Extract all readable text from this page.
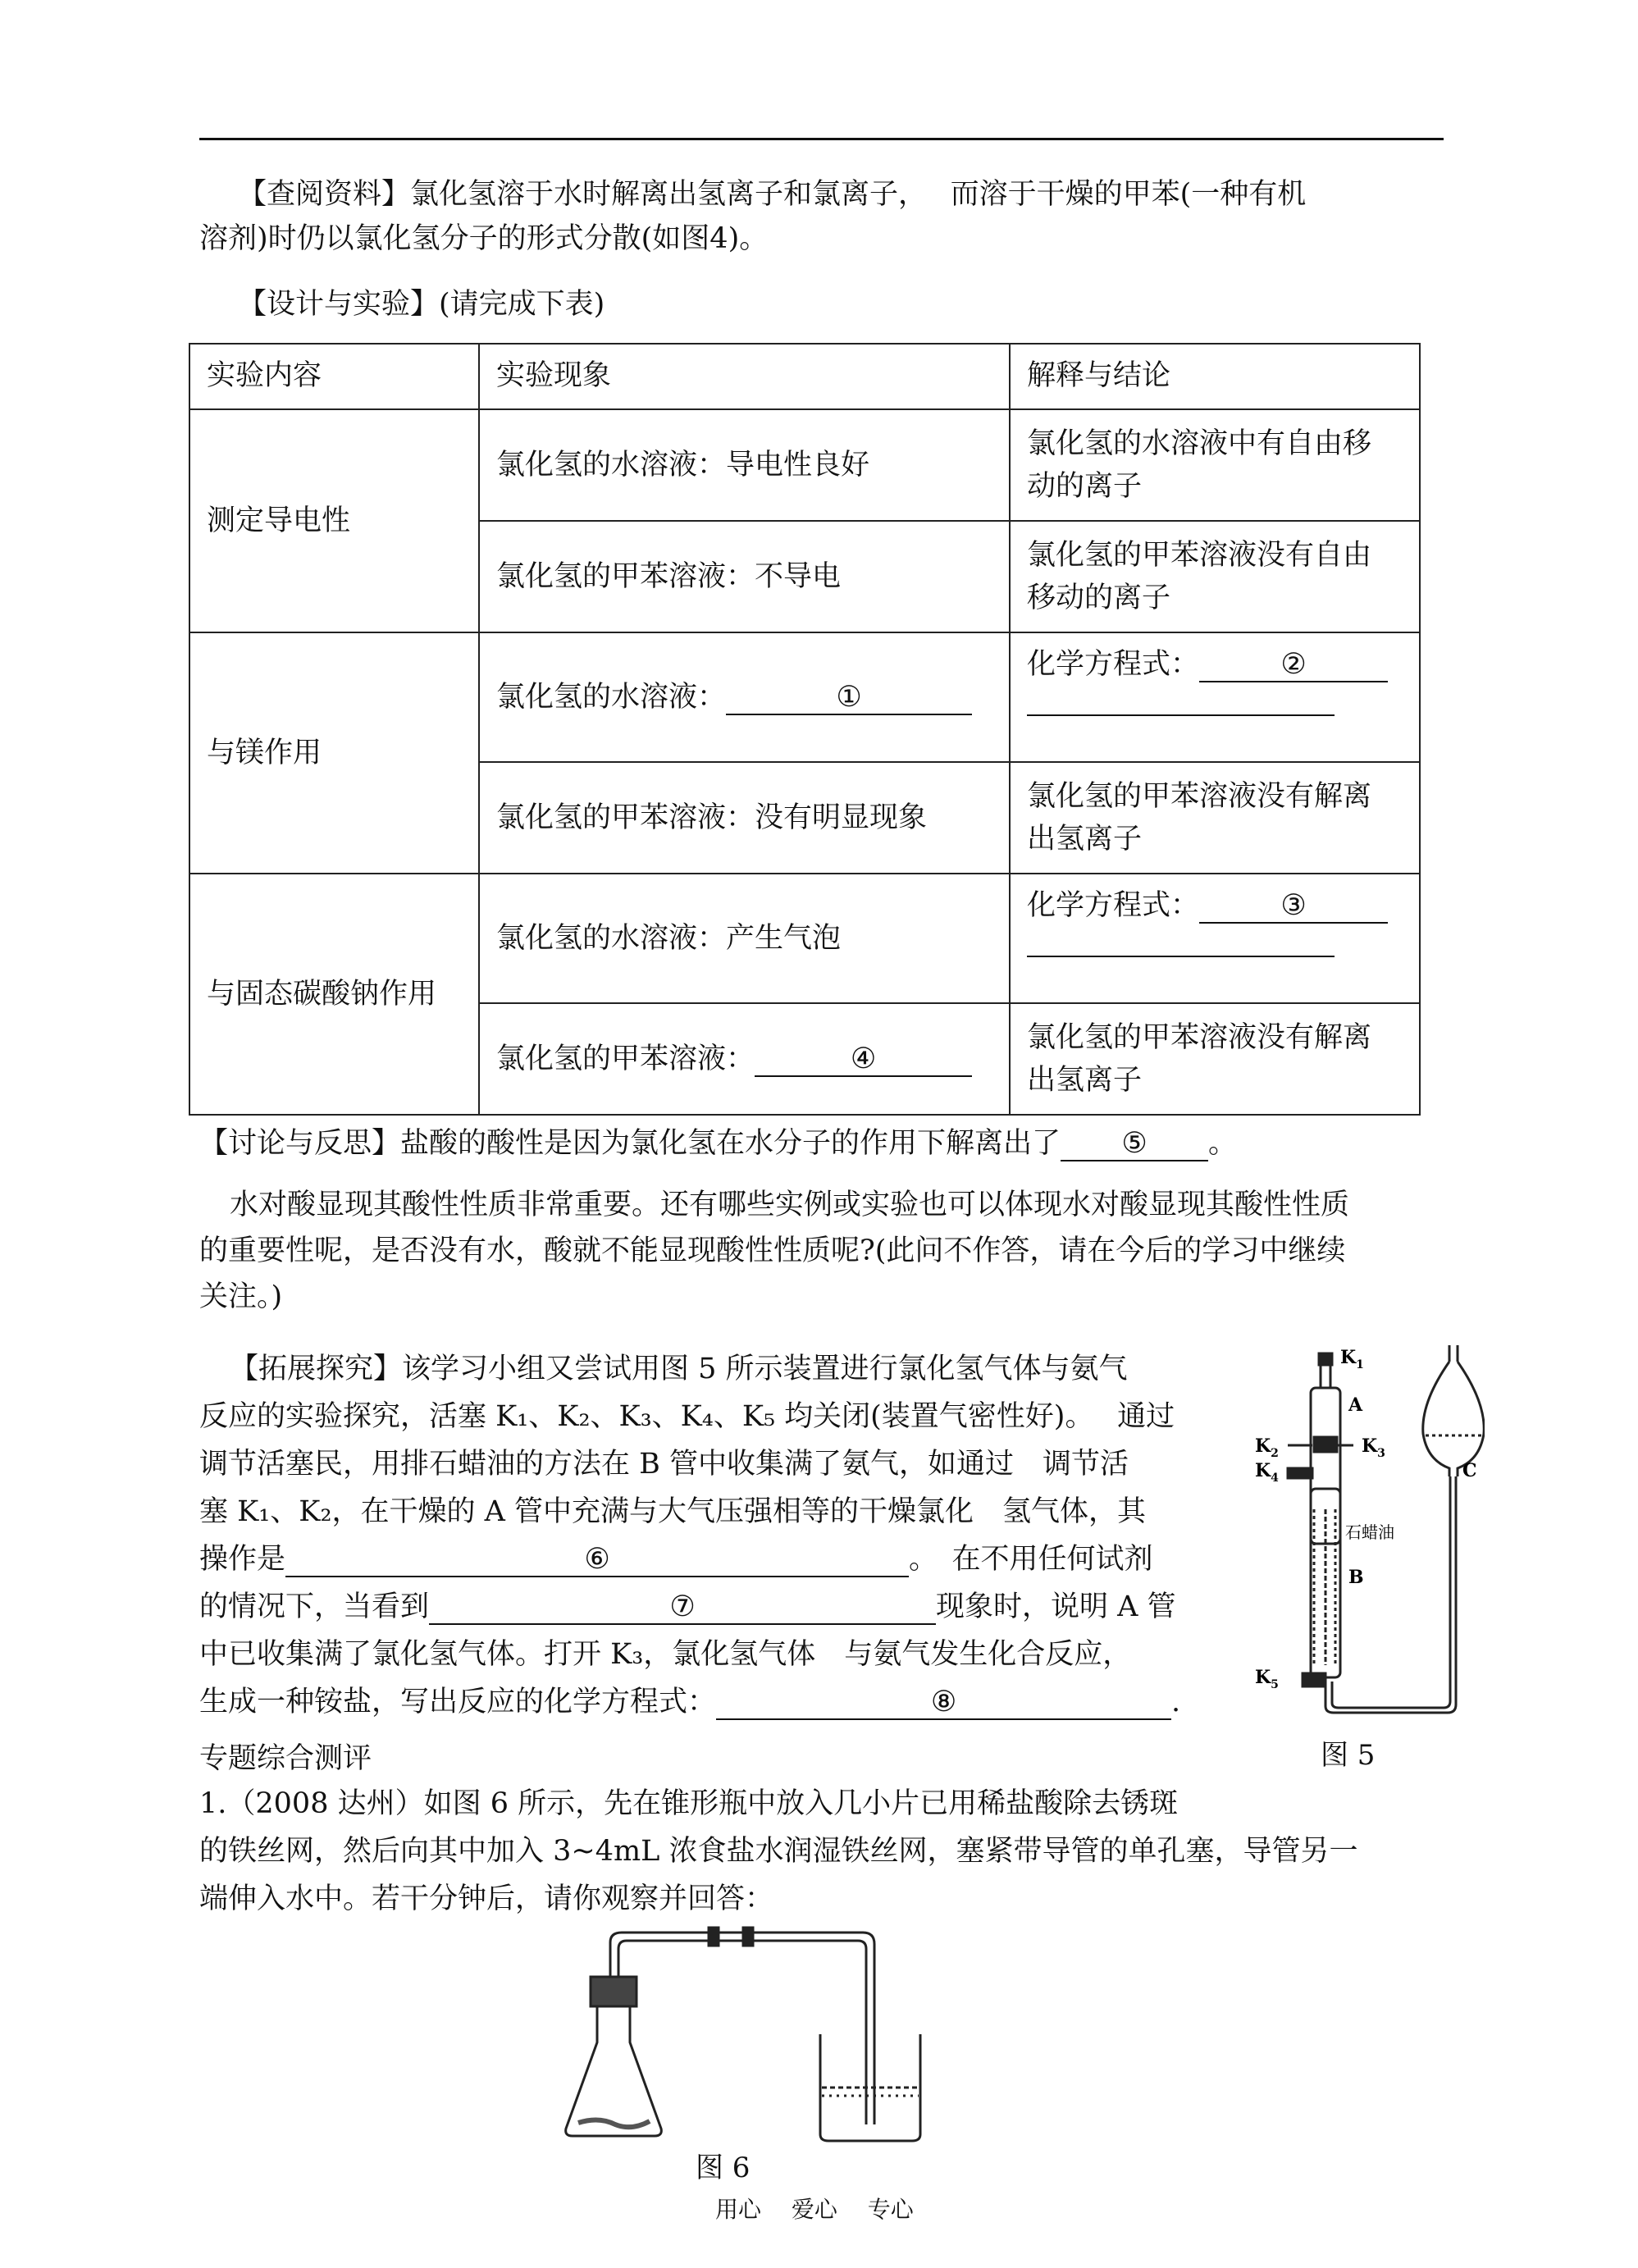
【查阅资料】氯化氢溶于水时解离出氢离子和氯离子，　 而溶于干燥的甲苯(一种有机
溶剂)时仍以氯化氢分子的形式分散(如图4)。
【设计与实验】(请完成下表)
实验内容	实验现象	解释与结论
测定导电性	氯化氢的水溶液：导电性良好	氯化氢的水溶液中有自由移
动的离子
	氯化氢的甲苯溶液：不导电	氯化氢的甲苯溶液没有自由
移动的离子
与镁作用	氯化氢的水溶液： ①	化学方程式： ②

	氯化氢的甲苯溶液：没有明显现象	氯化氢的甲苯溶液没有解离
出氢离子
与固态碳酸钠作用	氯化氢的水溶液：产生气泡	化学方程式： ③

	氯化氢的甲苯溶液： ④	氯化氢的甲苯溶液没有解离
出氢离子
【讨论与反思】盐酸的酸性是因为氯化氢在水分子的作用下解离出了 ⑤ 。
水对酸显现其酸性性质非常重要。还有哪些实例或实验也可以体现水对酸显现其酸性性质
的重要性呢，是否没有水，酸就不能显现酸性性质呢?(此问不作答，请在今后的学习中继续
关注。)
【拓展探究】该学习小组又尝试用图 5 所示装置进行氯化氢气体与氨气
反应的实验探究，活塞 K₁、K₂、K₃、K₄、K₅ 均关闭(装置气密性好)。　 通过
调节活塞民，用排石蜡油的方法在 B 管中收集满了氨气，如通过　调节活
塞 K₁、K₂，在干燥的 A 管中充满与大气压强相等的干燥氯化　氢气体，其
操作是	⑥	。　在不用任何试剂
的情况下，当看到	⑦	现象时，说明 A 管
中已收集满了氯化氢气体。打开 K₃，氯化氢气体　与氨气发生化合反应，
生成一种铵盐，写出反应的化学方程式：	⑧	.
$K_1$
A
$K_2$	$K_3$
$K_4$
石蜡油
B
$K_5$
C
图 5
专题综合测评
1.（2008 达州）如图 6 所示，先在锥形瓶中放入几小片已用稀盐酸除去锈斑
的铁丝网，然后向其中加入 3~4mL 浓食盐水润湿铁丝网，塞紧带导管的单孔塞，导管另一
端伸入水中。若干分钟后，请你观察并回答：
图 6
用心　 爱心　 专心
